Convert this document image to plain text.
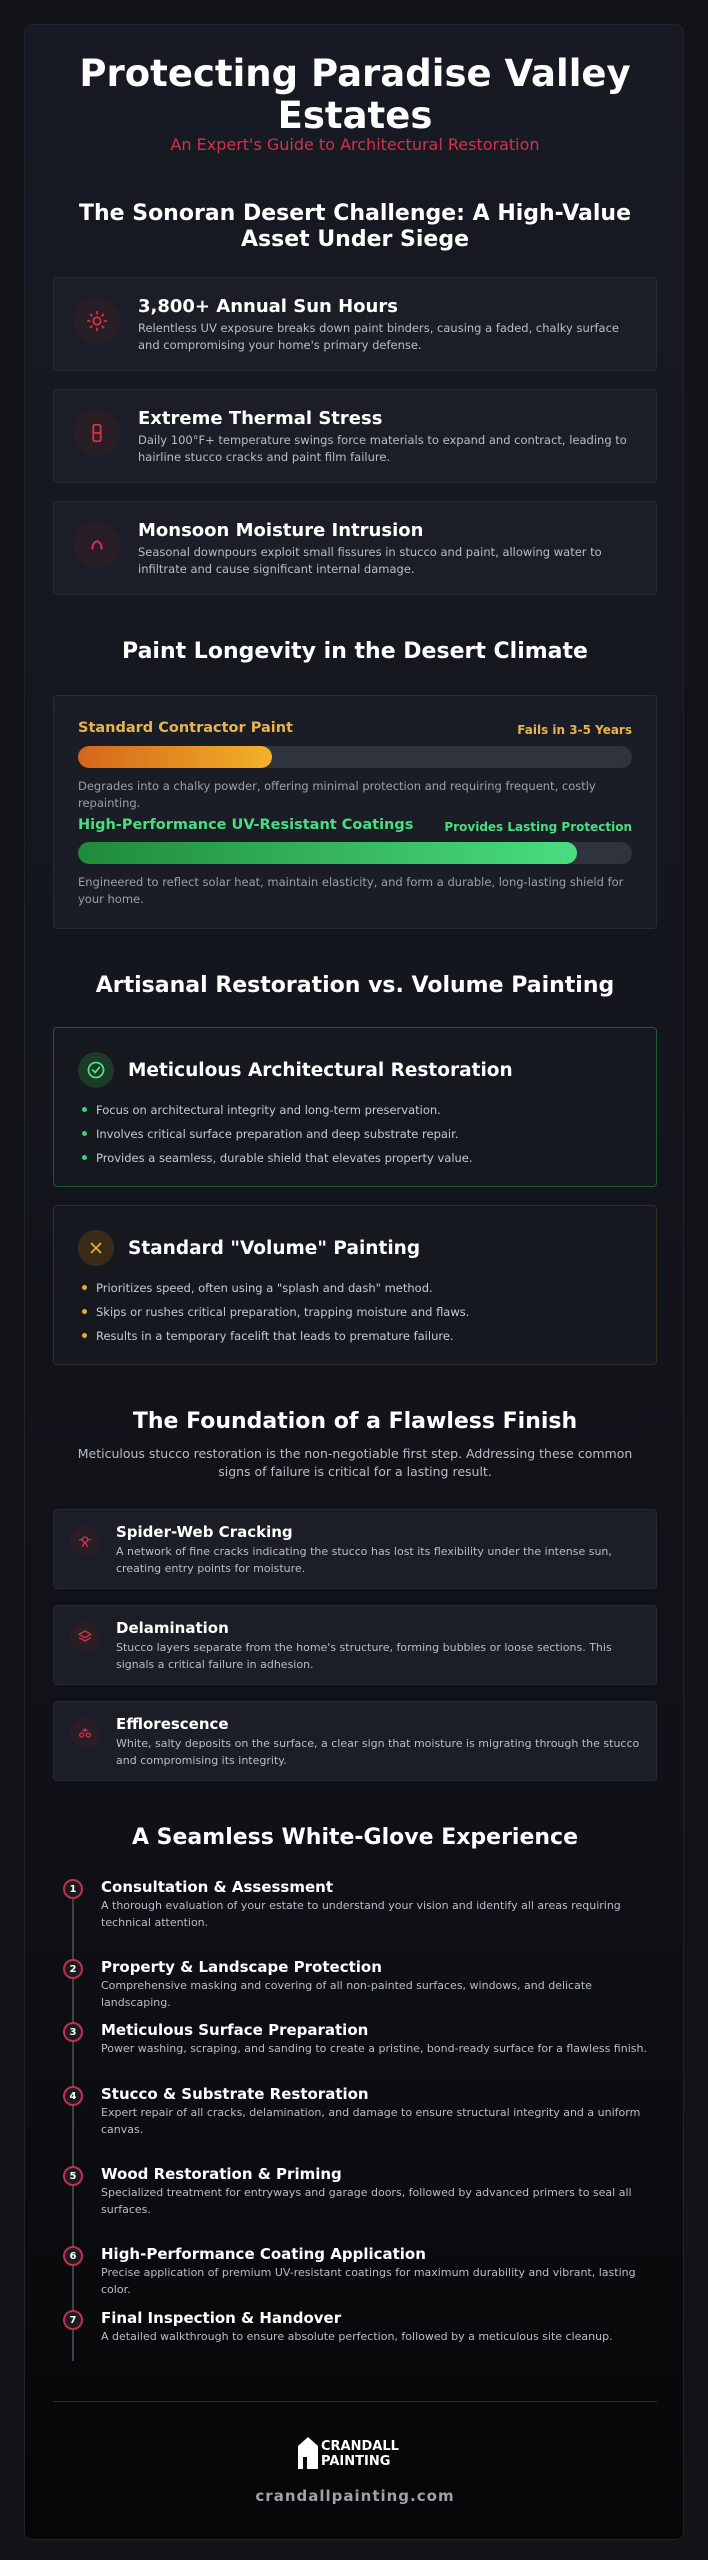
Protecting Paradise Valley
Estates
An Expert's Guide to Architectural Restoration
The Sonoran Desert Challenge: A High-Value
Asset Under Siege
3,800+ Annual Sun Hours
Relentless UV exposure breaks down paint binders, causing a faded, chalky surface and compromising your home's primary defense.
Extreme Thermal Stress
Daily 100°F+ temperature swings force materials to expand and contract, leading to hairline stucco cracks and paint film failure.
Monsoon Moisture Intrusion
Seasonal downpours exploit small fissures in stucco and paint, allowing water to infiltrate and cause significant internal damage.
Paint Longevity in the Desert Climate
Standard Contractor Paint	Fails in 3-5 Years
Degrades into a chalky powder, offering minimal protection and requiring frequent, costly repainting.
High-Performance UV-Resistant Coatings	Provides Lasting Protection
Engineered to reflect solar heat, maintain elasticity, and form a durable, long-lasting shield for your home.
Artisanal Restoration vs. Volume Painting
Meticulous Architectural Restoration
Focus on architectural integrity and long-term preservation.
Involves critical surface preparation and deep substrate repair.
Provides a seamless, durable shield that elevates property value.
Standard "Volume" Painting
Prioritizes speed, often using a "splash and dash" method.
Skips or rushes critical preparation, trapping moisture and flaws.
Results in a temporary facelift that leads to premature failure.
The Foundation of a Flawless Finish
Meticulous stucco restoration is the non-negotiable first step. Addressing these common
signs of failure is critical for a lasting result.
Spider-Web Cracking
A network of fine cracks indicating the stucco has lost its flexibility under the intense sun, creating entry points for moisture.
Delamination
Stucco layers separate from the home's structure, forming bubbles or loose sections. This signals a critical failure in adhesion.
Efflorescence
White, salty deposits on the surface, a clear sign that moisture is migrating through the stucco and compromising its integrity.
A Seamless White-Glove Experience
1	Consultation & Assessment
A thorough evaluation of your estate to understand your vision and identify all areas requiring technical attention.
2	Property & Landscape Protection
Comprehensive masking and covering of all non-painted surfaces, windows, and delicate landscaping.
3	Meticulous Surface Preparation
Power washing, scraping, and sanding to create a pristine, bond-ready surface for a flawless finish.
4	Stucco & Substrate Restoration
Expert repair of all cracks, delamination, and damage to ensure structural integrity and a uniform canvas.
5	Wood Restoration & Priming
Specialized treatment for entryways and garage doors, followed by advanced primers to seal all surfaces.
6	High-Performance Coating Application
Precise application of premium UV-resistant coatings for maximum durability and vibrant, lasting color.
7	Final Inspection & Handover
A detailed walkthrough to ensure absolute perfection, followed by a meticulous site cleanup.
CRANDALL
PAINTING
crandallpainting.com
